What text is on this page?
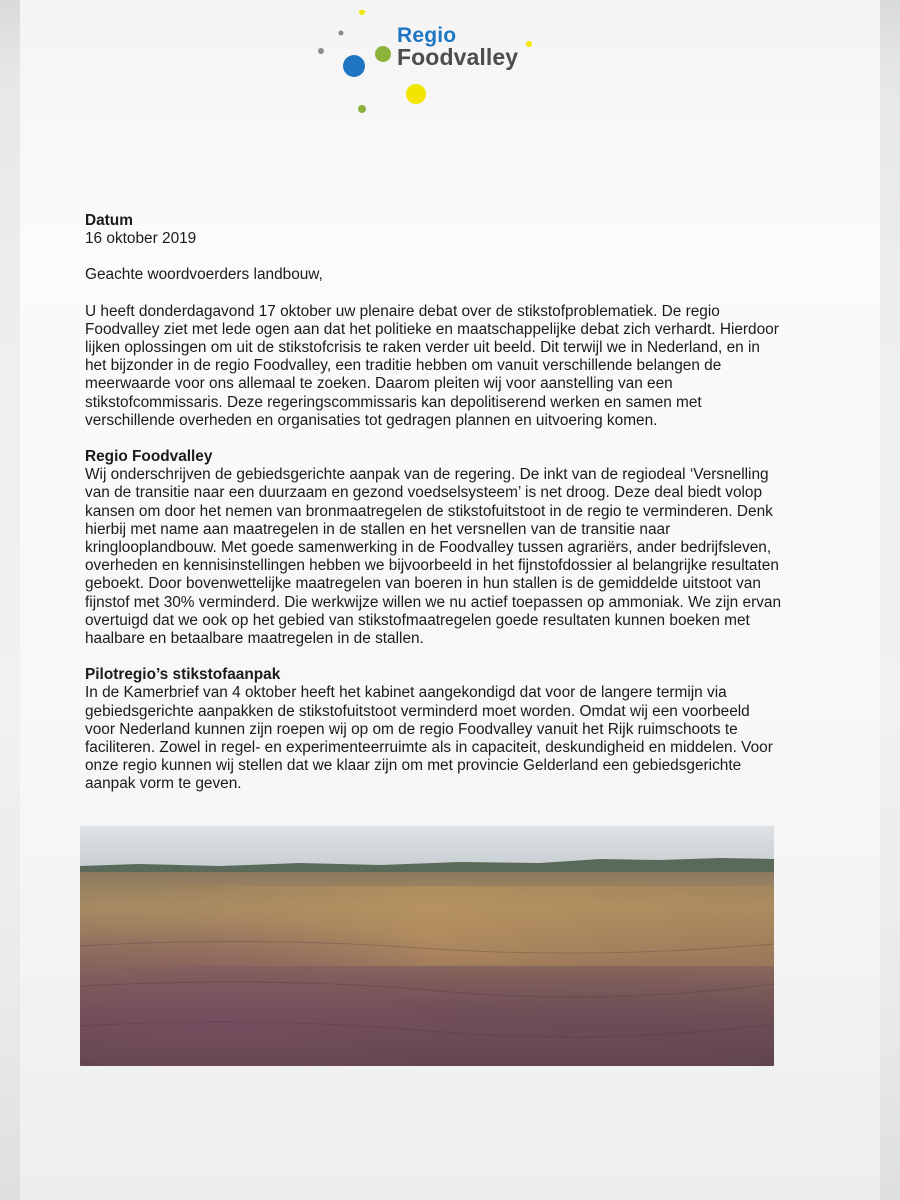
Regio
Foodvalley
Datum
16 oktober 2019
Geachte woordvoerders landbouw,
U heeft donderdagavond 17 oktober uw plenaire debat over de stikstofproblematiek. De regio
Foodvalley ziet met lede ogen aan dat het politieke en maatschappelijke debat zich verhardt. Hierdoor
lijken oplossingen om uit de stikstofcrisis te raken verder uit beeld. Dit terwijl we in Nederland, en in
het bijzonder in de regio Foodvalley, een traditie hebben om vanuit verschillende belangen de
meerwaarde voor ons allemaal te zoeken. Daarom pleiten wij voor aanstelling van een
stikstofcommissaris. Deze regeringscommissaris kan depolitiserend werken en samen met
verschillende overheden en organisaties tot gedragen plannen en uitvoering komen.
Regio Foodvalley
Wij onderschrijven de gebiedsgerichte aanpak van de regering. De inkt van de regiodeal ‘Versnelling
van de transitie naar een duurzaam en gezond voedselsysteem’ is net droog. Deze deal biedt volop
kansen om door het nemen van bronmaatregelen de stikstofuitstoot in de regio te verminderen. Denk
hierbij met name aan maatregelen in de stallen en het versnellen van de transitie naar
kringlooplandbouw. Met goede samenwerking in de Foodvalley tussen agrariërs, ander bedrijfsleven,
overheden en kennisinstellingen hebben we bijvoorbeeld in het fijnstofdossier al belangrijke resultaten
geboekt. Door bovenwettelijke maatregelen van boeren in hun stallen is de gemiddelde uitstoot van
fijnstof met 30% verminderd. Die werkwijze willen we nu actief toepassen op ammoniak. We zijn ervan
overtuigd dat we ook op het gebied van stikstofmaatregelen goede resultaten kunnen boeken met
haalbare en betaalbare maatregelen in de stallen.
Pilotregio’s stikstofaanpak
In de Kamerbrief van 4 oktober heeft het kabinet aangekondigd dat voor de langere termijn via
gebiedsgerichte aanpakken de stikstofuitstoot verminderd moet worden. Omdat wij een voorbeeld
voor Nederland kunnen zijn roepen wij op om de regio Foodvalley vanuit het Rijk ruimschoots te
faciliteren. Zowel in regel- en experimenteerruimte als in capaciteit, deskundigheid en middelen. Voor
onze regio kunnen wij stellen dat we klaar zijn om met provincie Gelderland een gebiedsgerichte
aanpak vorm te geven.
